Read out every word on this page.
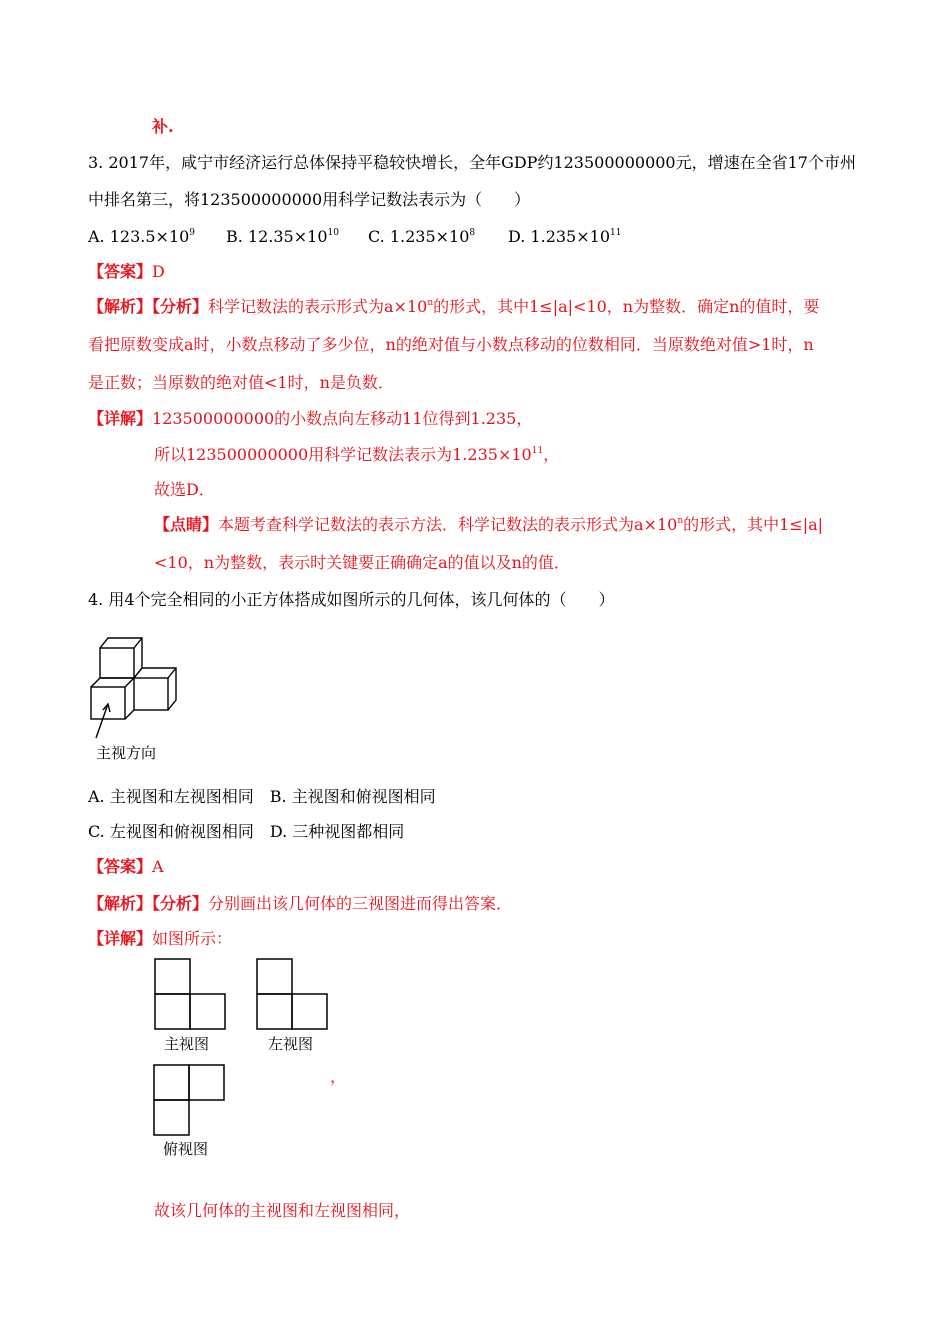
补.
3. 2017年，咸宁市经济运行总体保持平稳较快增长，全年GDP约123500000000元，增速在全省17个市州
中排名第三，将123500000000用科学记数法表示为（　　）
A. $123.5\times 10^9$ B. $12.35\times 10^{10}$ C. $1.235\times 10^8$ D. $1.235\times 10^{11}$
【答案】D
【解析】【分析】科学记数法的表示形式为$a\times 10^n$的形式，其中1≤|a|<10，n为整数．确定n的值时，要
看把原数变成a时，小数点移动了多少位，n的绝对值与小数点移动的位数相同．当原数绝对值>1时，n
是正数；当原数的绝对值<1时，n是负数．
【详解】123500000000的小数点向左移动11位得到1.235，
所以123500000000用科学记数法表示为$1.235\times 10^{11}$，
故选D．
【点睛】本题考查科学记数法的表示方法．科学记数法的表示形式为$a\times 10^n$的形式，其中1≤|a|
<10，n为整数，表示时关键要正确确定a的值以及n的值．
4. 用4个完全相同的小正方体搭成如图所示的几何体，该几何体的（　　）
主视方向
A. 主视图和左视图相同　B. 主视图和俯视图相同
C. 左视图和俯视图相同　D. 三种视图都相同
【答案】A
【解析】【分析】分别画出该几何体的三视图进而得出答案．
【详解】如图所示：
主视图	左视图
，
俯视图
故该几何体的主视图和左视图相同，
